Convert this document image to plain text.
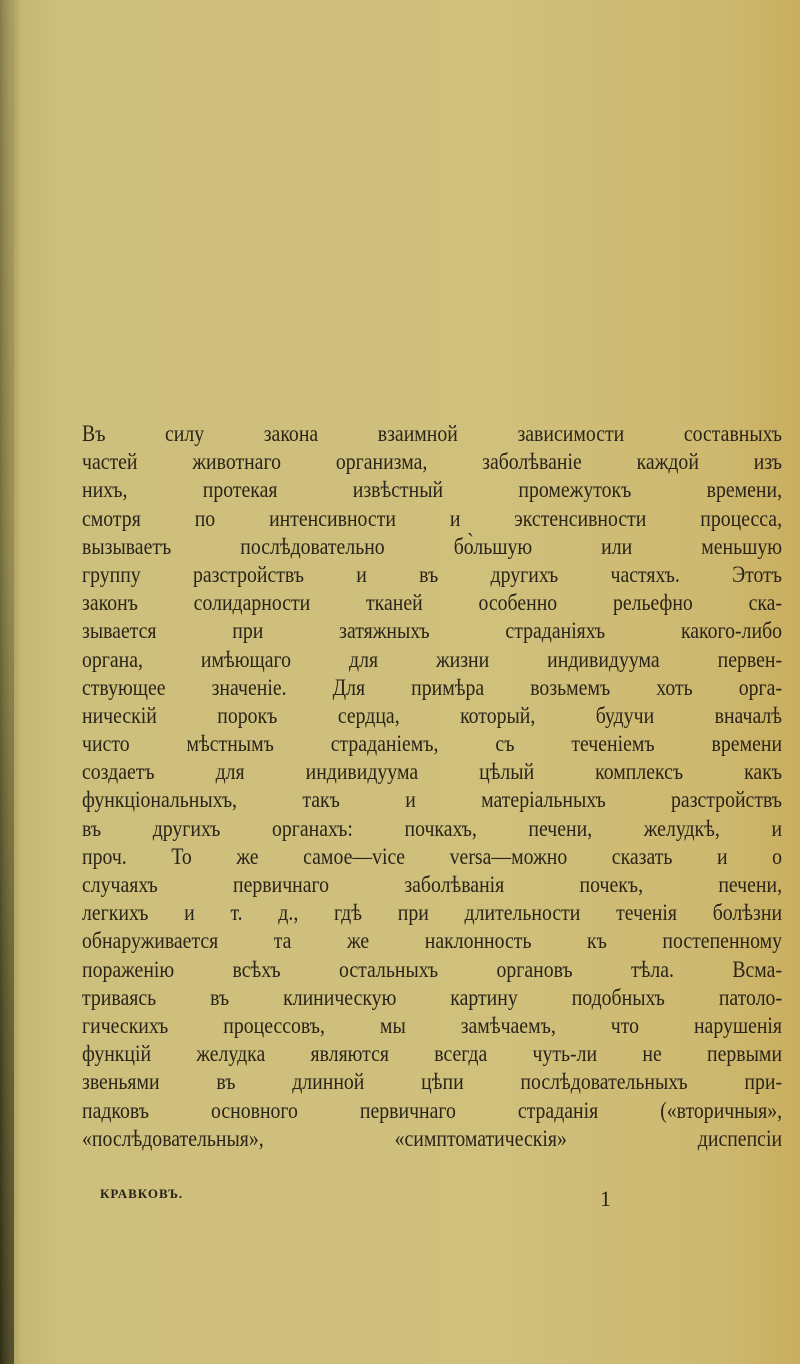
Въ силу закона взаимной зависимости составныхъ
частей животнаго организма, заболѣваніе каждой изъ
нихъ, протекая извѣстный промежутокъ времени,
смотря по интенсивности и экстенсивности процесса,
вызываетъ послѣдовательно бо̀льшую или меньшую
группу разстройствъ и въ другихъ частяхъ. Этотъ
законъ солидарности тканей особенно рельефно ска-
зывается при затяжныхъ страданіяхъ какого-либо
органа, имѣющаго для жизни индивидуума первен-
ствующее значеніе. Для примѣра возьмемъ хоть орга-
ническій порокъ сердца, который, будучи вначалѣ
чисто мѣстнымъ страданіемъ, съ теченіемъ времени
создаетъ для индивидуума цѣлый комплексъ какъ
функціональныхъ, такъ и матеріальныхъ разстройствъ
въ другихъ органахъ: почкахъ, печени, желудкѣ, и
проч. То же самое—vice versa—можно сказать и о
случаяхъ первичнаго заболѣванія почекъ, печени,
легкихъ и т. д., гдѣ при длительности теченія болѣзни
обнаруживается та же наклонность къ постепенному
пораженію всѣхъ остальныхъ органовъ тѣла. Всма-
триваясь въ клиническую картину подобныхъ патоло-
гическихъ процессовъ, мы замѣчаемъ, что нарушенія
функцій желудка являются всегда чуть-ли не первыми
звеньями въ длинной цѣпи послѣдовательныхъ при-
падковъ основного первичнаго страданія («вторичныя»,
«послѣдовательныя», «симптоматическія» диспепсіи
КРАВКОВЪ.	1
